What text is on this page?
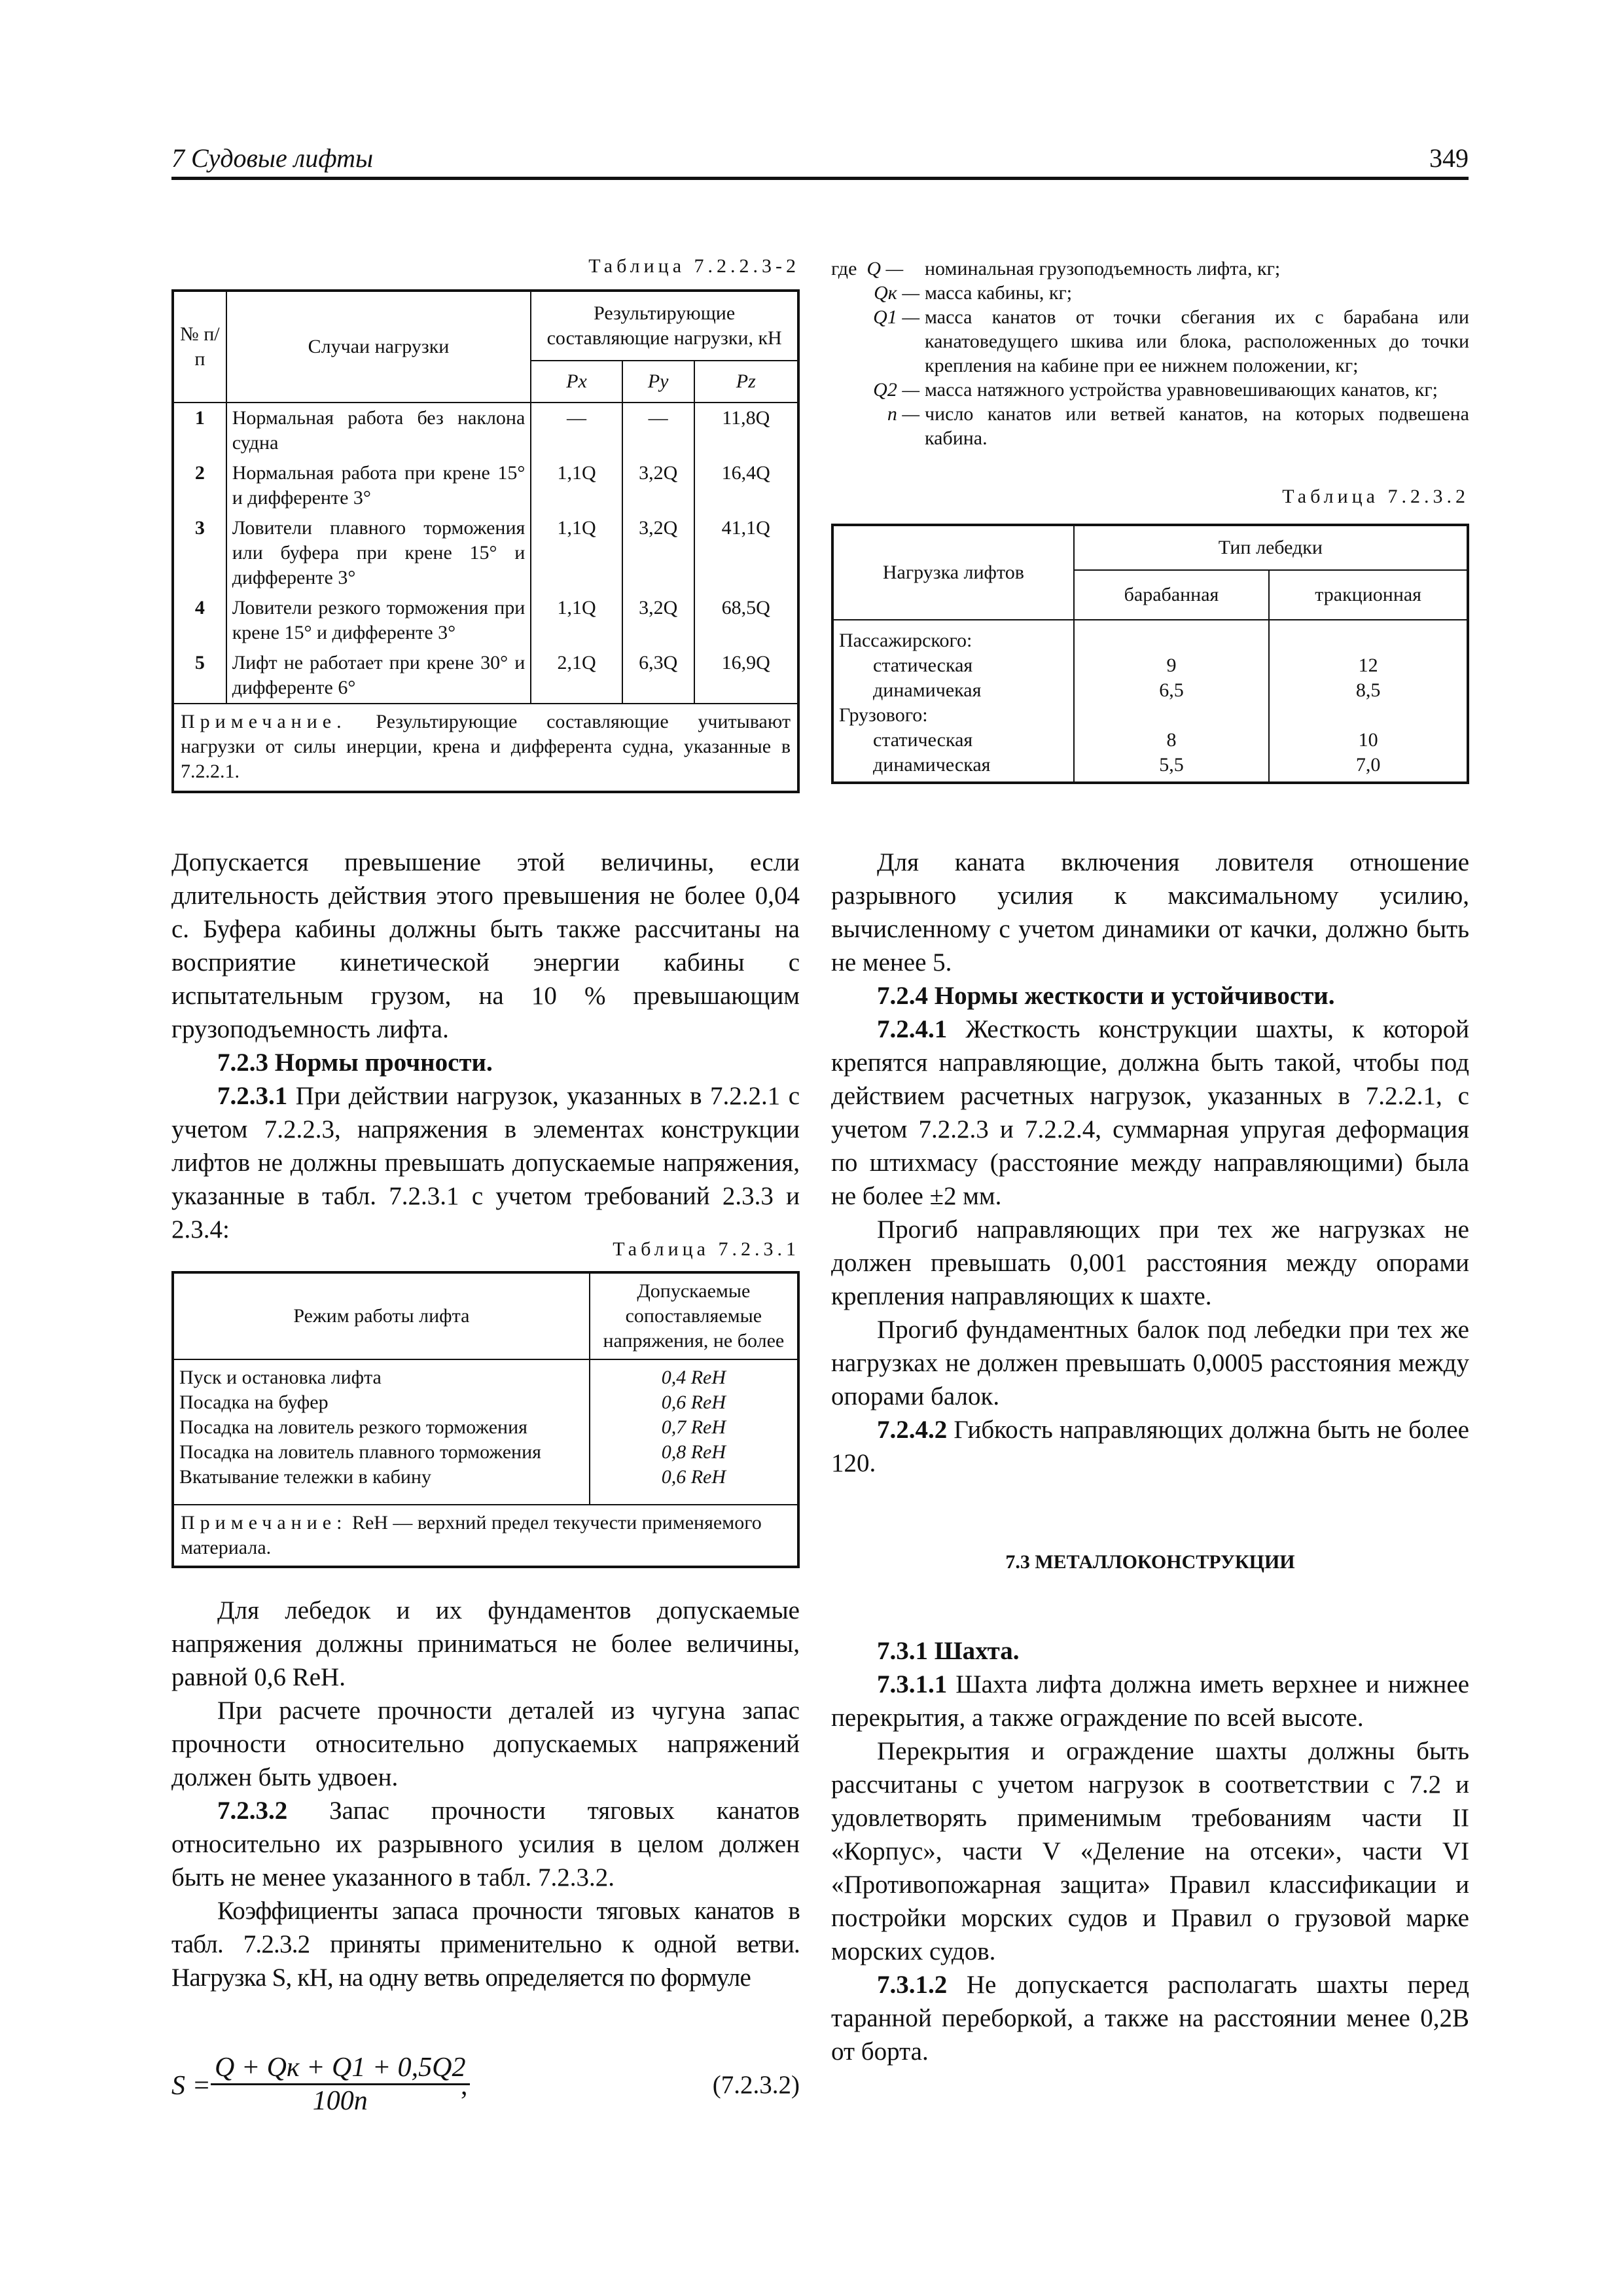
7 Судовые лифты	349
Таблица 7.2.2.3-2
№ п/п	Случаи нагрузки	Результирующие составляющие нагрузки, кН		
		Px	Py	Pz
1	Нормальная работа без наклона судна	—	—	11,8Q
2	Нормальная работа при крене 15° и дифференте 3°	1,1Q	3,2Q	16,4Q
3	Ловители плавного торможения или буфера при крене 15° и дифференте 3°	1,1Q	3,2Q	41,1Q
4	Ловители резкого торможения при крене 15° и дифференте 3°	1,1Q	3,2Q	68,5Q
5	Лифт не работает при крене 30° и дифференте 6°	2,1Q	6,3Q	16,9Q
Примечание. Результирующие составляющие учитывают нагрузки от силы инерции, крена и дифферента судна, указанные в 7.2.2.1.				
где Q —	номинальная грузоподъемность лифта, кг;
Qк — масса кабины, кг;
Q1 — масса канатов от точки сбегания их с барабана или канатоведущего шкива или блока, расположенных до точки крепления на кабине при ее нижнем положении, кг;
Q2 — масса натяжного устройства уравновешивающих канатов, кг;
n — число канатов или ветвей канатов, на которых подвешена кабина.
Таблица 7.2.3.2
Нагрузка лифтов	Тип лебедки	
	барабанная	тракционная
Пассажирского:		
статическая	9	12
динамичекая	6,5	8,5
Грузового:		
статическая	8	10
динамическая	5,5	7,0

Допускается превышение этой величины, если длительность действия этого превышения не более 0,04 с. Буфера кабины должны быть также рассчитаны на восприятие кинетической энергии кабины с испытательным грузом, на 10 % превышающим грузоподъемность лифта.

7.2.3 Нормы прочности.

7.2.3.1 При действии нагрузок, указанных в 7.2.2.1 с учетом 7.2.2.3, напряжения в элементах конструкции лифтов не должны превышать допускаемые напряжения, указанные в табл. 7.2.3.1 с учетом требований 2.3.3 и 2.3.4:

Таблица 7.2.3.1
Режим работы лифта	Допускаемые сопоставляемые напряжения, не более
Пуск и остановка лифта	0,4 ReH
Посадка на буфер	0,6 ReH
Посадка на ловитель резкого торможения	0,7 ReH
Посадка на ловитель плавного торможения	0,8 ReH
Вкатывание тележки в кабину	0,6 ReH
Примечание: ReH — верхний предел текучести применяемого материала.	

Для лебедок и их фундаментов допускаемые напряжения должны приниматься не более величины, равной 0,6 ReH.

При расчете прочности деталей из чугуна запас прочности относительно допускаемых напряжений должен быть удвоен.

7.2.3.2 Запас прочности тяговых канатов относительно их разрывного усилия в целом должен быть не менее указанного в табл. 7.2.3.2.

Коэффициенты запаса прочности тяговых канатов в табл. 7.2.3.2 приняты применительно к одной ветви. Нагрузка S, кН, на одну ветвь определяется по формуле

S =
Q + Qк + Q1 + 0,5Q2
100n	,	(7.2.3.2)

Для каната включения ловителя отношение разрывного усилия к максимальному усилию, вычисленному с учетом динамики от качки, должно быть не менее 5.

7.2.4 Нормы жесткости и устойчивости.

7.2.4.1 Жесткость конструкции шахты, к которой крепятся направляющие, должна быть такой, чтобы под действием расчетных нагрузок, указанных в 7.2.2.1, с учетом 7.2.2.3 и 7.2.2.4, суммарная упругая деформация по штихмасу (расстояние между направляющими) была не более ±2 мм.

Прогиб направляющих при тех же нагрузках не должен превышать 0,001 расстояния между опорами крепления направляющих к шахте.

Прогиб фундаментных балок под лебедки при тех же нагрузках не должен превышать 0,0005 расстояния между опорами балок.

7.2.4.2 Гибкость направляющих должна быть не более 120.

7.3 МЕТАЛЛОКОНСТРУКЦИИ

7.3.1 Шахта.

7.3.1.1 Шахта лифта должна иметь верхнее и нижнее перекрытия, а также ограждение по всей высоте.

Перекрытия и ограждение шахты должны быть рассчитаны с учетом нагрузок в соответствии с 7.2 и удовлетворять применимым требованиям части II «Корпус», части V «Деление на отсеки», части VI «Противопожарная защита» Правил классификации и постройки морских судов и Правил о грузовой марке морских судов.

7.3.1.2 Не допускается располагать шахты перед таранной переборкой, а также на расстоянии менее 0,2В от борта.
